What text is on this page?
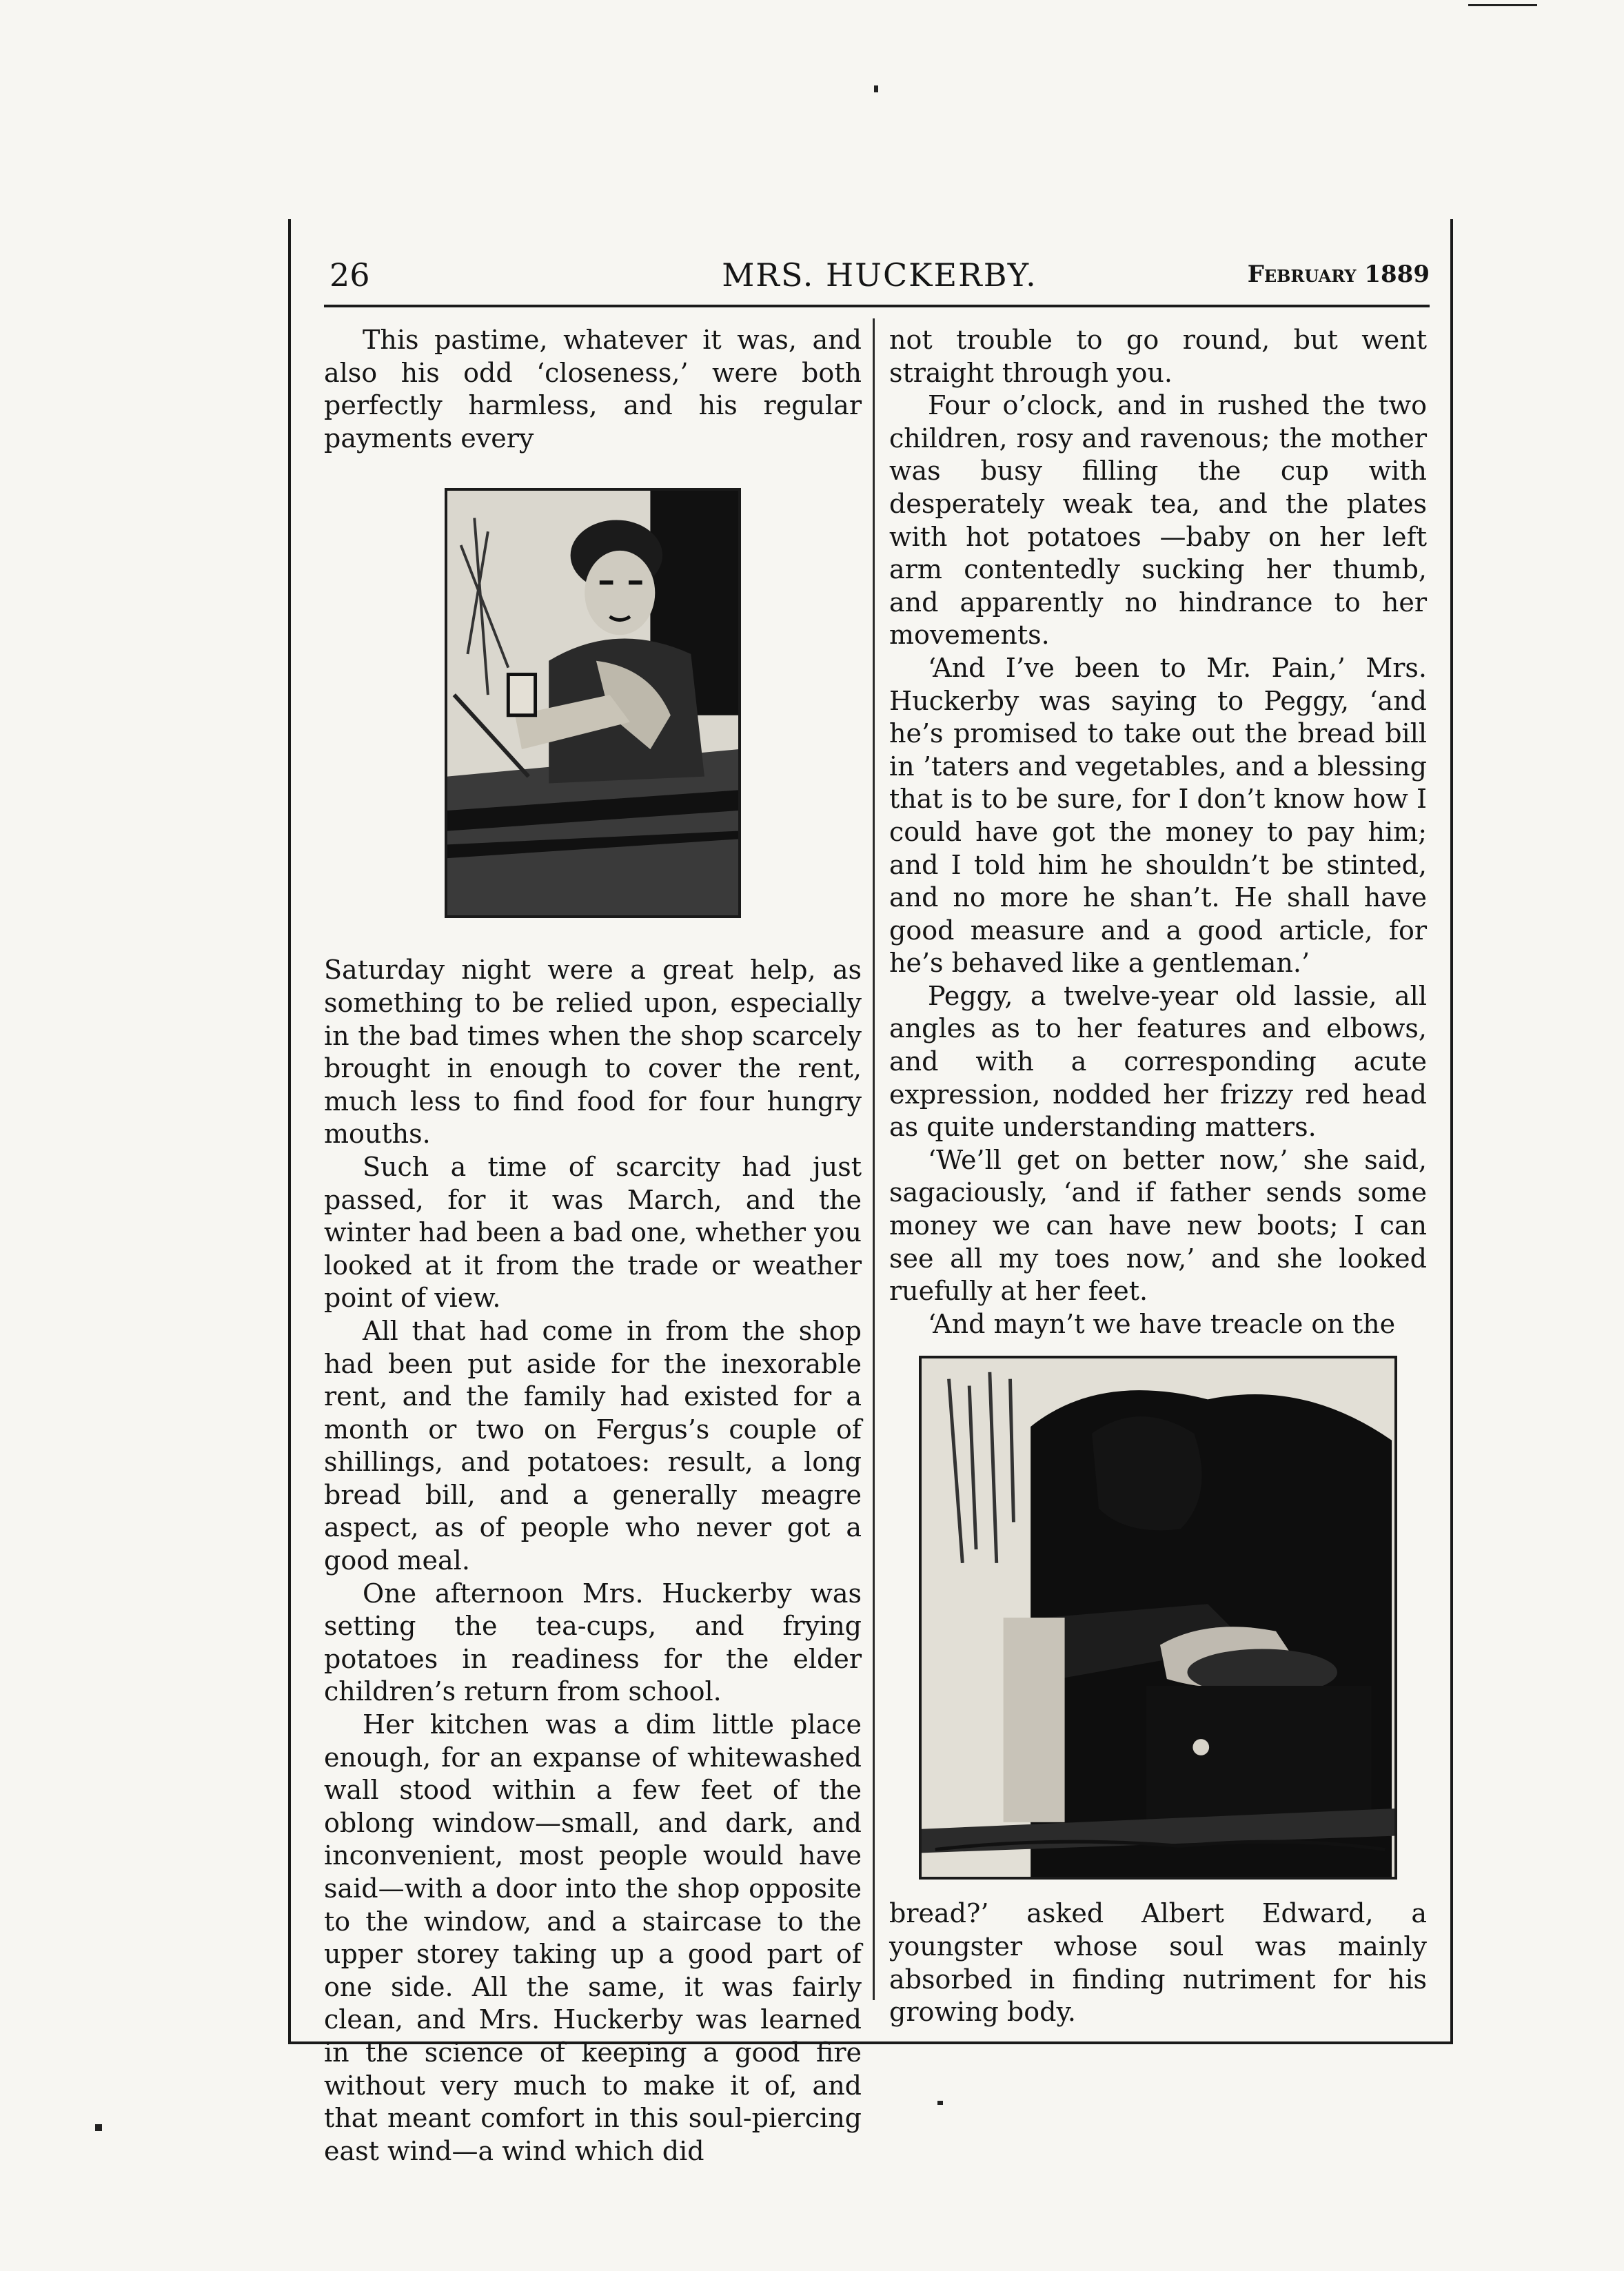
26	MRS. HUCKERBY.	February 1889

This pastime, whatever it was, and also his odd ‘closeness,’ were both perfectly harmless, and his regular payments every

Saturday night were a great help, as something to be relied upon, especially in the bad times when the shop scarcely brought in enough to cover the rent, much less to find food for four hungry mouths.

Such a time of scarcity had just passed, for it was March, and the winter had been a bad one, whether you looked at it from the trade or weather point of view.

All that had come in from the shop had been put aside for the inexorable rent, and the family had existed for a month or two on Fergus’s couple of shillings, and potatoes: result, a long bread bill, and a generally meagre aspect, as of people who never got a good meal.

One afternoon Mrs. Huckerby was setting the tea-cups, and frying potatoes in readiness for the elder children’s return from school.

Her kitchen was a dim little place enough, for an expanse of whitewashed wall stood within a few feet of the oblong window—small, and dark, and inconvenient, most people would have said—with a door into the shop opposite to the window, and a staircase to the upper storey taking up a good part of one side. All the same, it was fairly clean, and Mrs. Huckerby was learned in the science of keeping a good fire without very much to make it of, and that meant comfort in this soul-piercing east wind—a wind which did

not trouble to go round, but went straight through you.

Four o’clock, and in rushed the two children, rosy and ravenous; the mother was busy filling the cup with desperately weak tea, and the plates with hot potatoes —baby on her left arm contentedly sucking her thumb, and apparently no hindrance to her movements.

‘And I’ve been to Mr. Pain,’ Mrs. Huckerby was saying to Peggy, ‘and he’s promised to take out the bread bill in ’taters and vegetables, and a blessing that is to be sure, for I don’t know how I could have got the money to pay him; and I told him he shouldn’t be stinted, and no more he shan’t. He shall have good measure and a good article, for he’s behaved like a gentleman.’

Peggy, a twelve-year old lassie, all angles as to her features and elbows, and with a corresponding acute expression, nodded her frizzy red head as quite understanding matters.

‘We’ll get on better now,’ she said, sagaciously, ‘and if father sends some money we can have new boots; I can see all my toes now,’ and she looked ruefully at her feet.

‘And mayn’t we have treacle on the

bread?’ asked Albert Edward, a youngster whose soul was mainly absorbed in finding nutriment for his growing body.
